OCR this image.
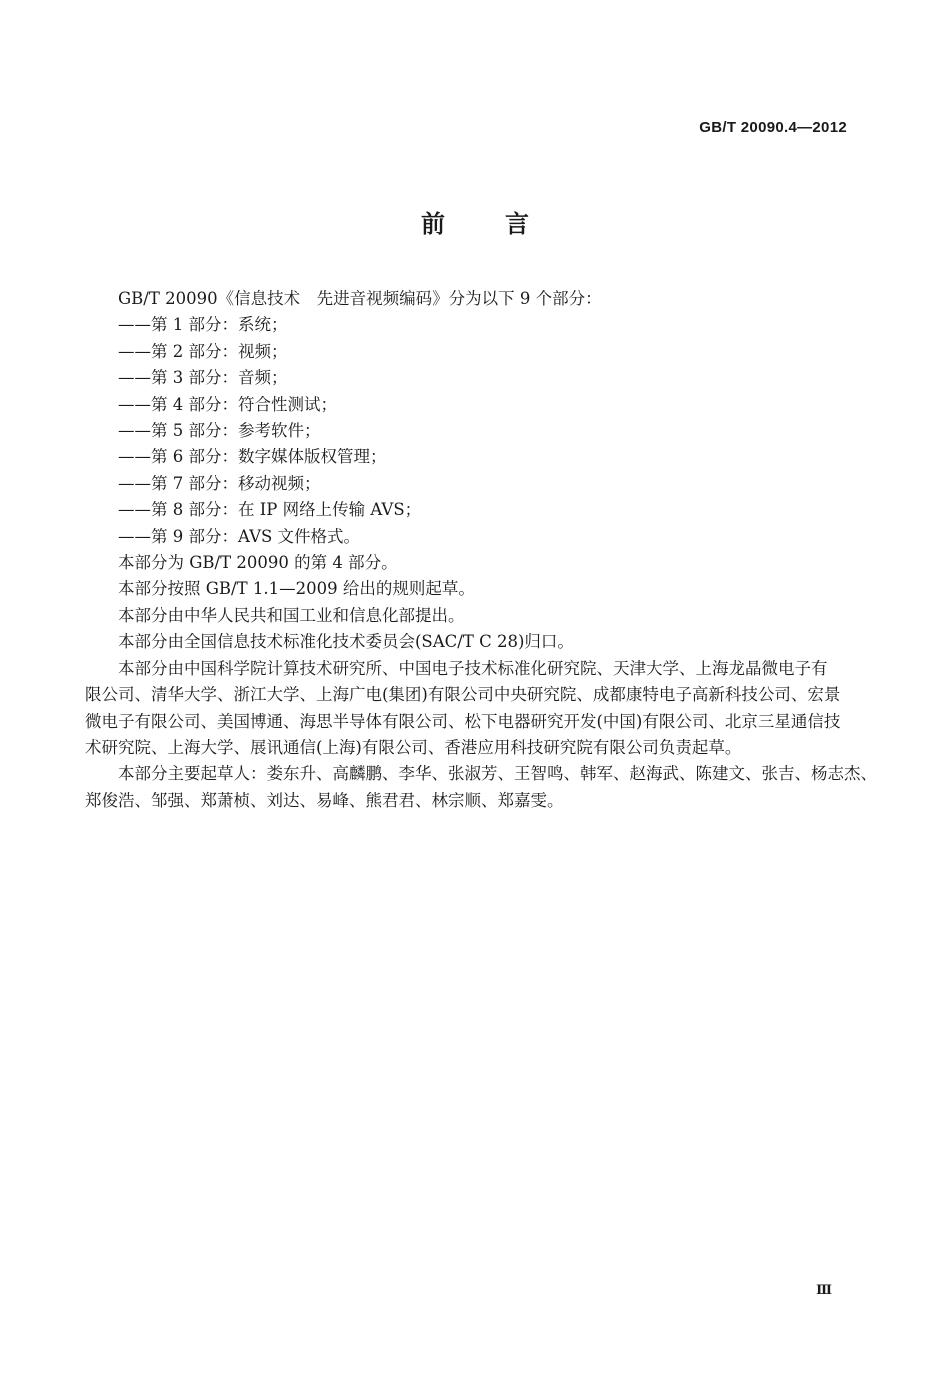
GB/T 20090.4—2012
前言
GB/T 20090《信息技术　先进音视频编码》分为以下 9 个部分：
——第 1 部分：系统；
——第 2 部分：视频；
——第 3 部分：音频；
——第 4 部分：符合性测试；
——第 5 部分：参考软件；
——第 6 部分：数字媒体版权管理；
——第 7 部分：移动视频；
——第 8 部分：在 IP 网络上传输 AVS；
——第 9 部分：AVS 文件格式。
本部分为 GB/T 20090 的第 4 部分。
本部分按照 GB/T 1.1—2009 给出的规则起草。
本部分由中华人民共和国工业和信息化部提出。
本部分由全国信息技术标准化技术委员会(SAC/T C 28)归口。
本部分由中国科学院计算技术研究所、中国电子技术标准化研究院、天津大学、上海龙晶微电子有
限公司、清华大学、浙江大学、上海广电(集团)有限公司中央研究院、成都康特电子高新科技公司、宏景
微电子有限公司、美国博通、海思半导体有限公司、松下电器研究开发(中国)有限公司、北京三星通信技
术研究院、上海大学、展讯通信(上海)有限公司、香港应用科技研究院有限公司负责起草。
本部分主要起草人：娄东升、高麟鹏、李华、张淑芳、王智鸣、韩军、赵海武、陈建文、张吉、杨志杰、
郑俊浩、邹强、郑萧桢、刘达、易峰、熊君君、林宗顺、郑嘉雯。
Ⅲ
